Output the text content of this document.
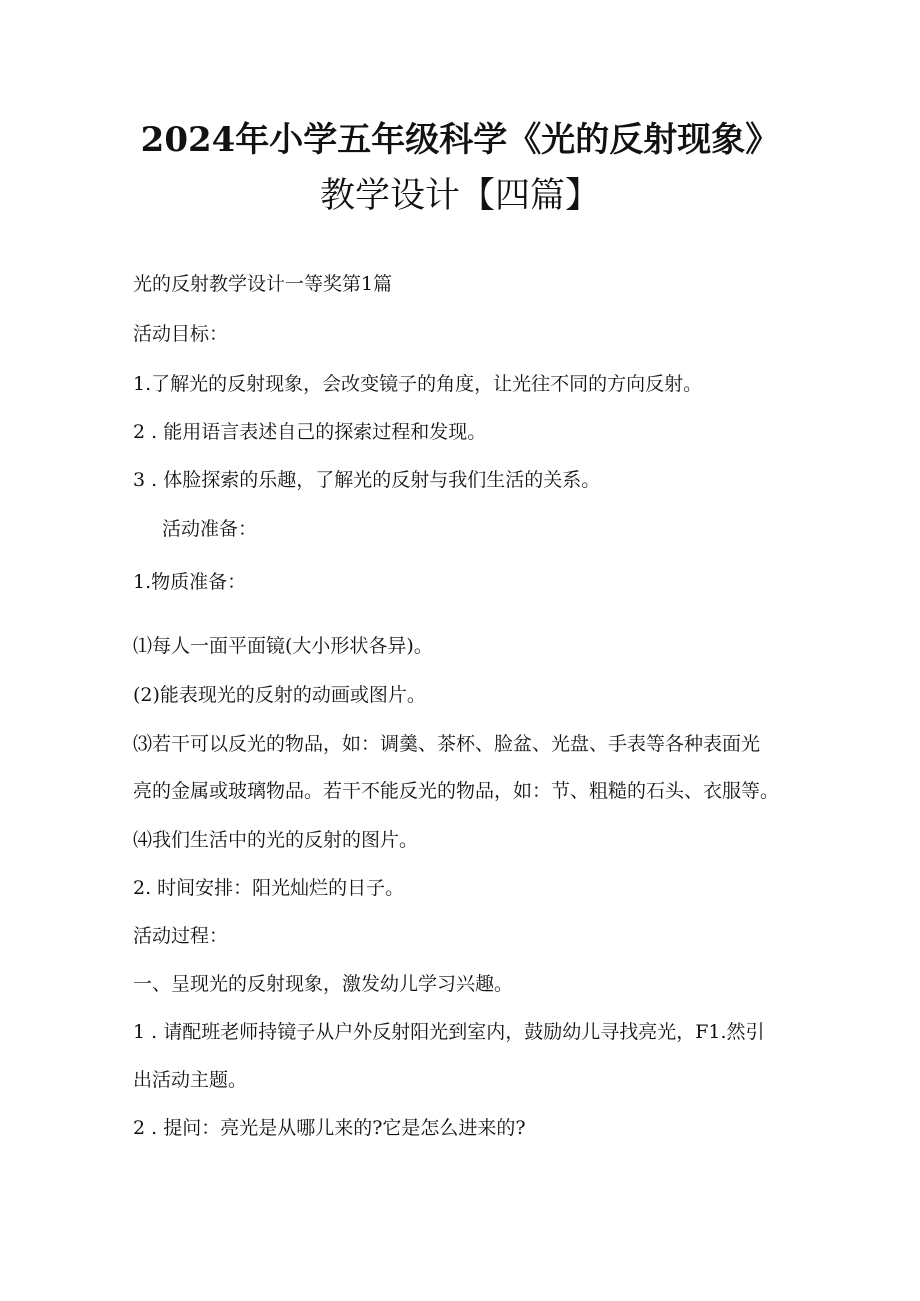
2024年小学五年级科学《光的反射现象》
教学设计【四篇】
光的反射教学设计一等奖第1篇
活动目标：
1.了解光的反射现象，会改变镜子的角度，让光往不同的方向反射。
2 . 能用语言表述自己的探索过程和发现。
3 . 体脸探索的乐趣，了解光的反射与我们生活的关系。
活动准备：
1.物质准备：
⑴每人一面平面镜(大小形状各异)。
(2)能表现光的反射的动画或图片。
⑶若干可以反光的物品，如：调羹、茶杯、脸盆、光盘、手表等各种表面光
亮的金属或玻璃物品。若干不能反光的物品，如：节、粗糙的石头、衣服等。
⑷我们生活中的光的反射的图片。
2. 时间安排：阳光灿烂的日子。
活动过程：
一、呈现光的反射现象，激发幼儿学习兴趣。
1 . 请配班老师持镜子从户外反射阳光到室内，鼓励幼儿寻找亮光，F1.然引
出活动主题。
2 . 提问：亮光是从哪儿来的?它是怎么进来的?
